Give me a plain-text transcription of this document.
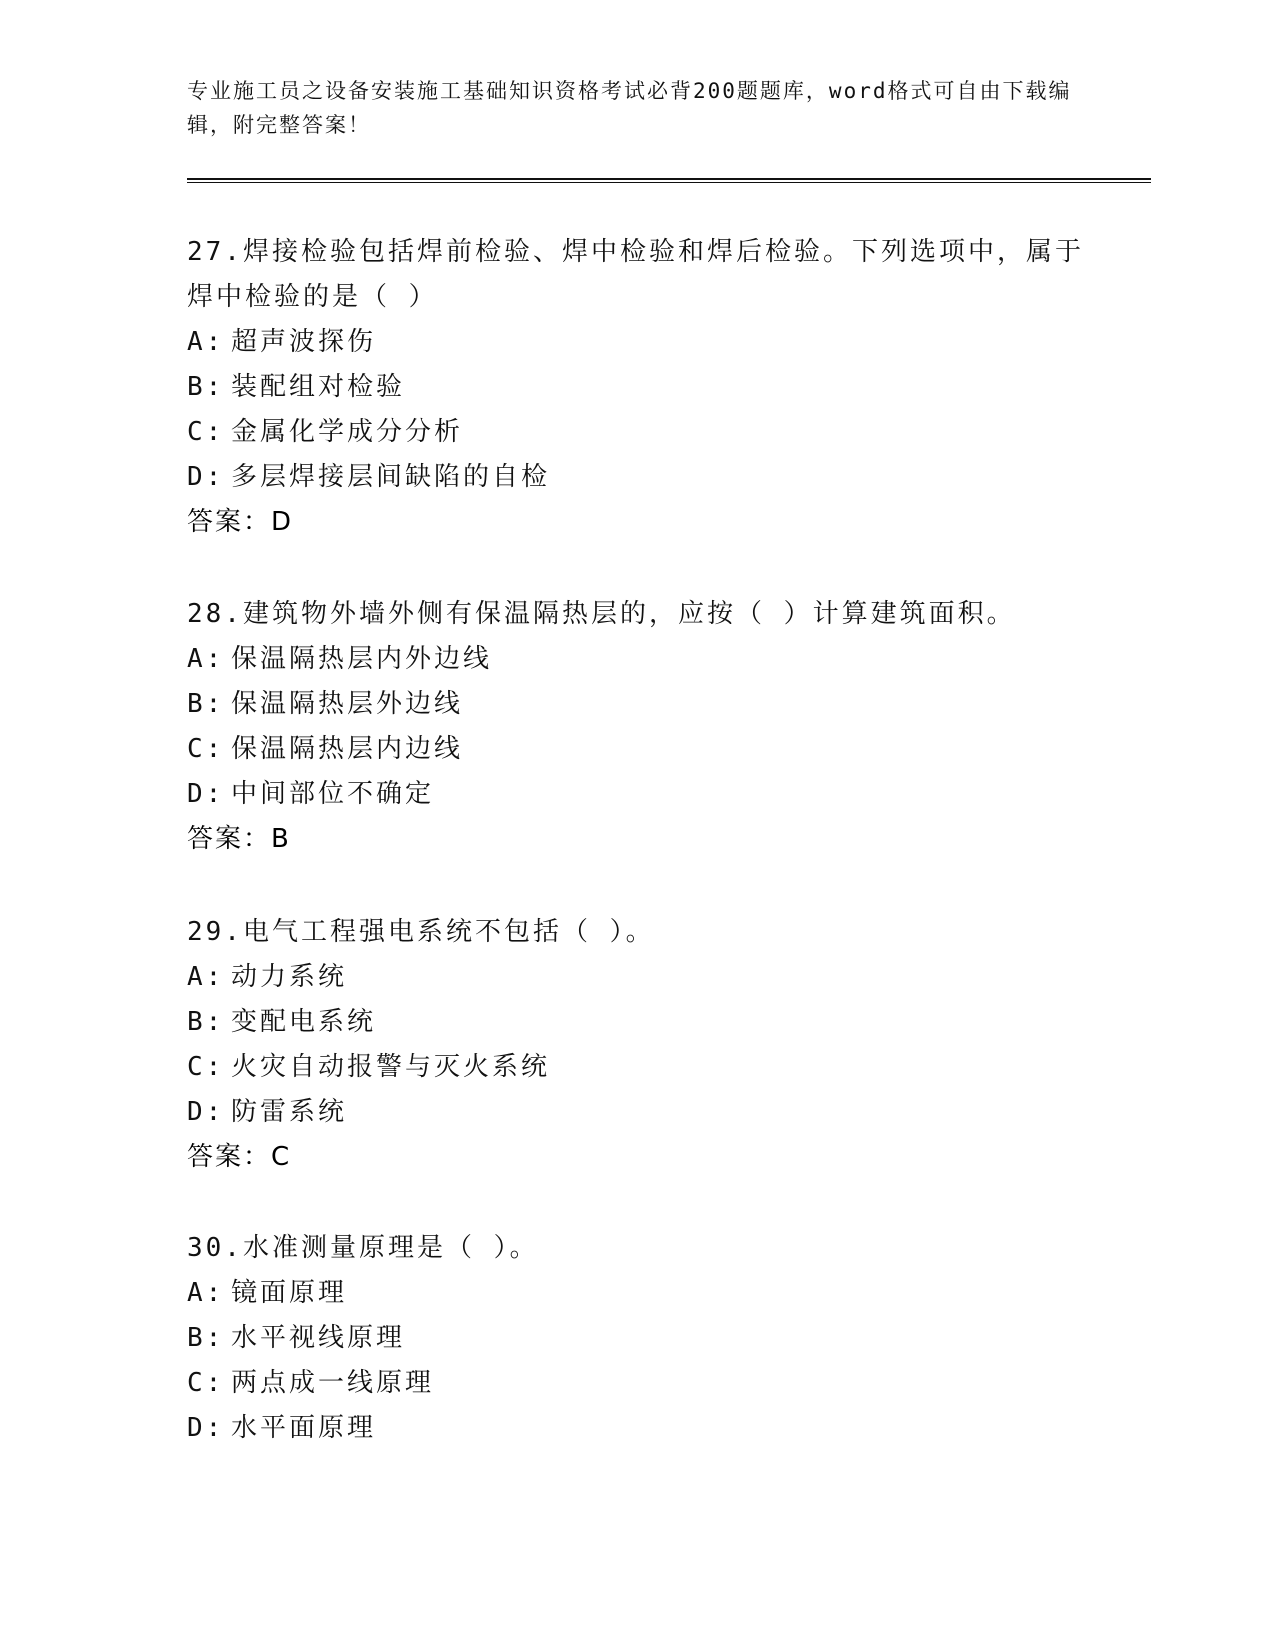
专业施工员之设备安装施工基础知识资格考试必背200题题库，word格式可自由下载编辑，附完整答案！

27.焊接检验包括焊前检验、焊中检验和焊后检验。下列选项中，属于焊中检验的是（ ）

A: 超声波探伤

B: 装配组对检验

C: 金属化学成分分析

D: 多层焊接层间缺陷的自检

答案：D

28.建筑物外墙外侧有保温隔热层的，应按（ ）计算建筑面积。

A: 保温隔热层内外边线

B: 保温隔热层外边线

C: 保温隔热层内边线

D: 中间部位不确定

答案：B

29.电气工程强电系统不包括（ ）。

A: 动力系统

B: 变配电系统

C: 火灾自动报警与灭火系统

D: 防雷系统

答案：C

30.水准测量原理是（ ）。

A: 镜面原理

B: 水平视线原理

C: 两点成一线原理

D: 水平面原理
